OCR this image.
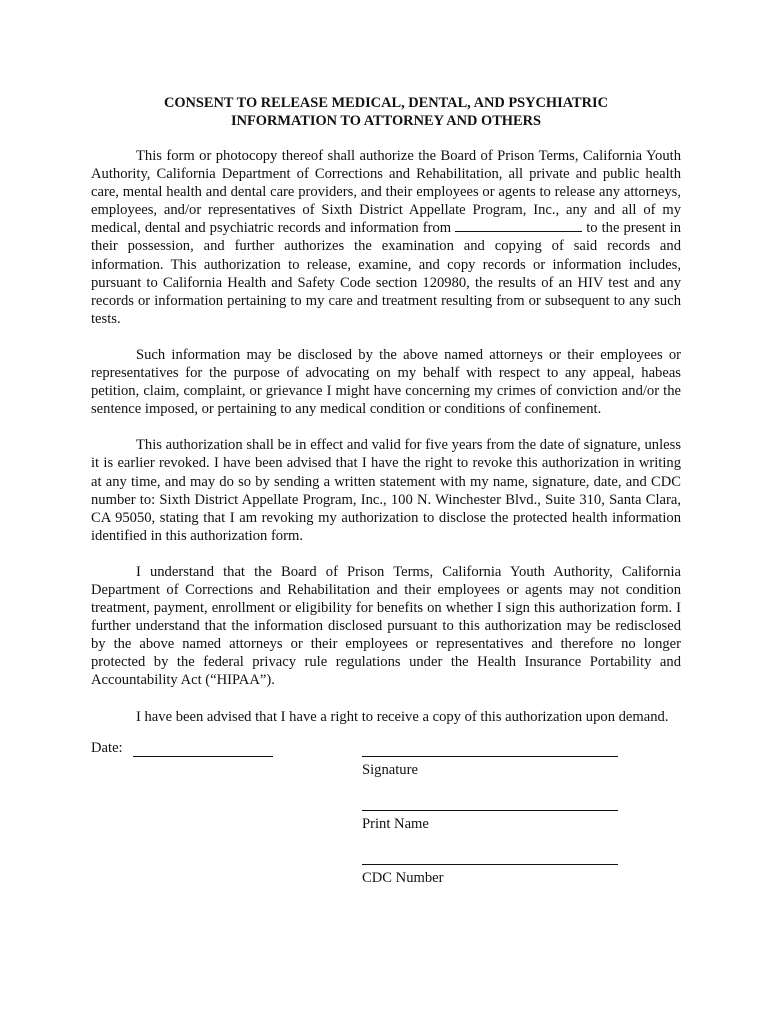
CONSENT TO RELEASE MEDICAL, DENTAL, AND PSYCHIATRIC
INFORMATION TO ATTORNEY AND OTHERS

This form or photocopy thereof shall authorize the Board of Prison Terms, California Youth Authority, California Department of Corrections and Rehabilitation, all private and public health care, mental health and dental care providers, and their employees or agents to release any attorneys, employees, and/or representatives of Sixth District Appellate Program, Inc., any and all of my medical, dental and psychiatric records and information from	to the present in their possession, and further authorizes the examination and copying of said records and information. This authorization to release, examine, and copy records or information includes, pursuant to California Health and Safety Code section 120980, the results of an HIV test and any records or information pertaining to my care and treatment resulting from or subsequent to any such tests.

Such information may be disclosed by the above named attorneys or their employees or representatives for the purpose of advocating on my behalf with respect to any appeal, habeas petition, claim, complaint, or grievance I might have concerning my crimes of conviction and/or the sentence imposed, or pertaining to any medical condition or conditions of confinement.

This authorization shall be in effect and valid for five years from the date of signature, unless it is earlier revoked. I have been advised that I have the right to revoke this authorization in writing at any time, and may do so by sending a written statement with my name, signature, date, and CDC number to: Sixth District Appellate Program, Inc., 100 N. Winchester Blvd., Suite 310, Santa Clara, CA 95050, stating that I am revoking my authorization to disclose the protected health information identified in this authorization form.

I understand that the Board of Prison Terms, California Youth Authority, California Department of Corrections and Rehabilitation and their employees or agents may not condition treatment, payment, enrollment or eligibility for benefits on whether I sign this authorization form. I further understand that the information disclosed pursuant to this authorization may be redisclosed by the above named attorneys or their employees or representatives and therefore no longer protected by the federal privacy rule regulations under the Health Insurance Portability and Accountability Act (“HIPAA”).

I have been advised that I have a right to receive a copy of this authorization upon demand.

Date:
Signature
Print Name
CDC Number
